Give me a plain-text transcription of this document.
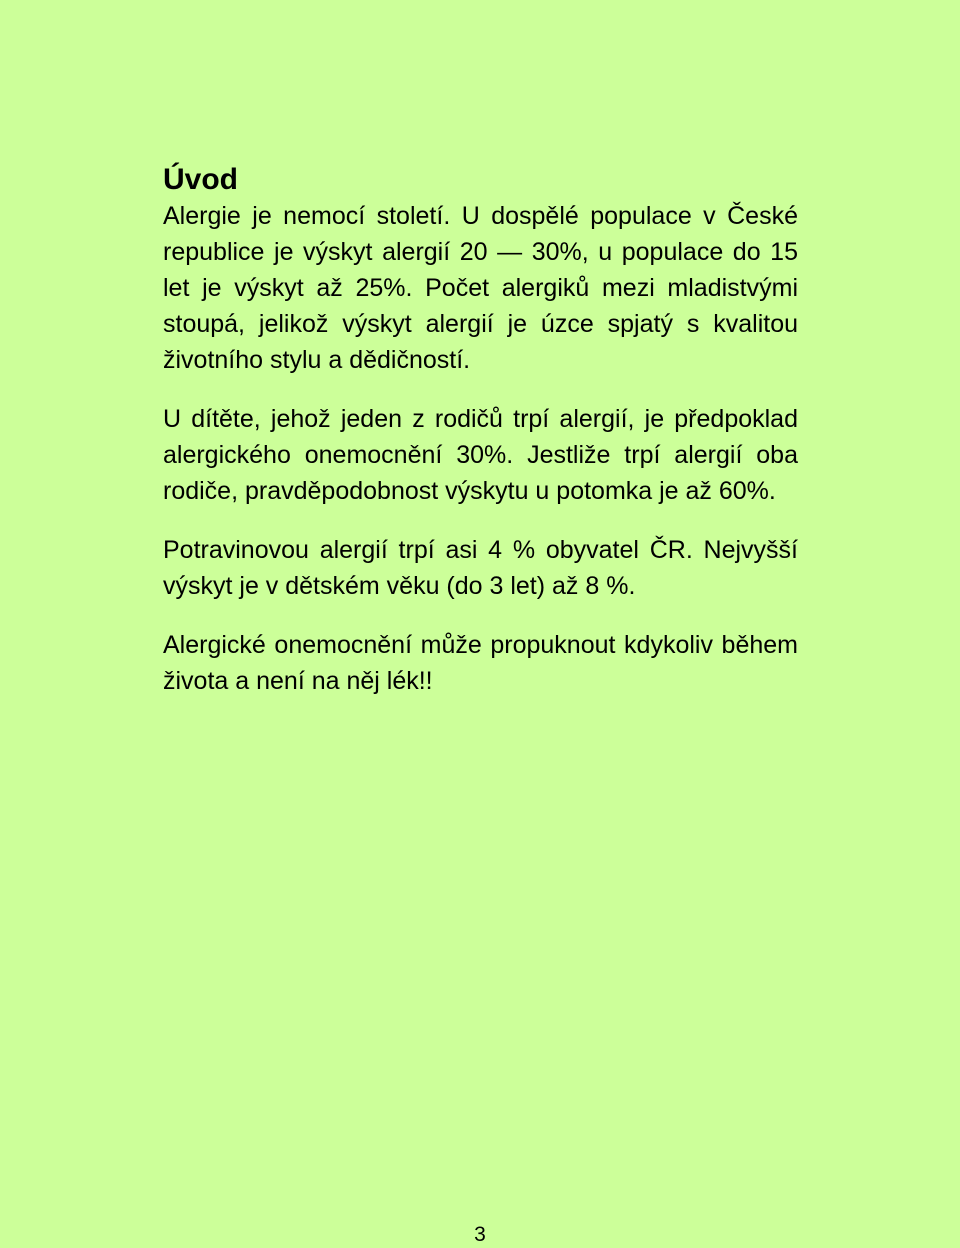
Úvod

Alergie je nemocí století. U dospělé populace v České republice je výskyt alergií 20 — 30%, u populace do 15 let je výskyt až 25%. Počet alergiků mezi mladistvými stoupá, jelikož výskyt alergií je úzce spjatý s kvalitou životního stylu a dědičností.

U dítěte, jehož jeden z rodičů trpí alergií, je předpoklad alergického onemocnění 30%. Jestliže trpí alergií oba rodiče, pravděpodobnost výskytu u potomka je až 60%.

Potravinovou alergií trpí asi 4 % obyvatel ČR. Nejvyšší výskyt je v dětském věku (do 3 let) až 8 %.

Alergické onemocnění může propuknout kdykoliv během života a není na něj lék!!

3
